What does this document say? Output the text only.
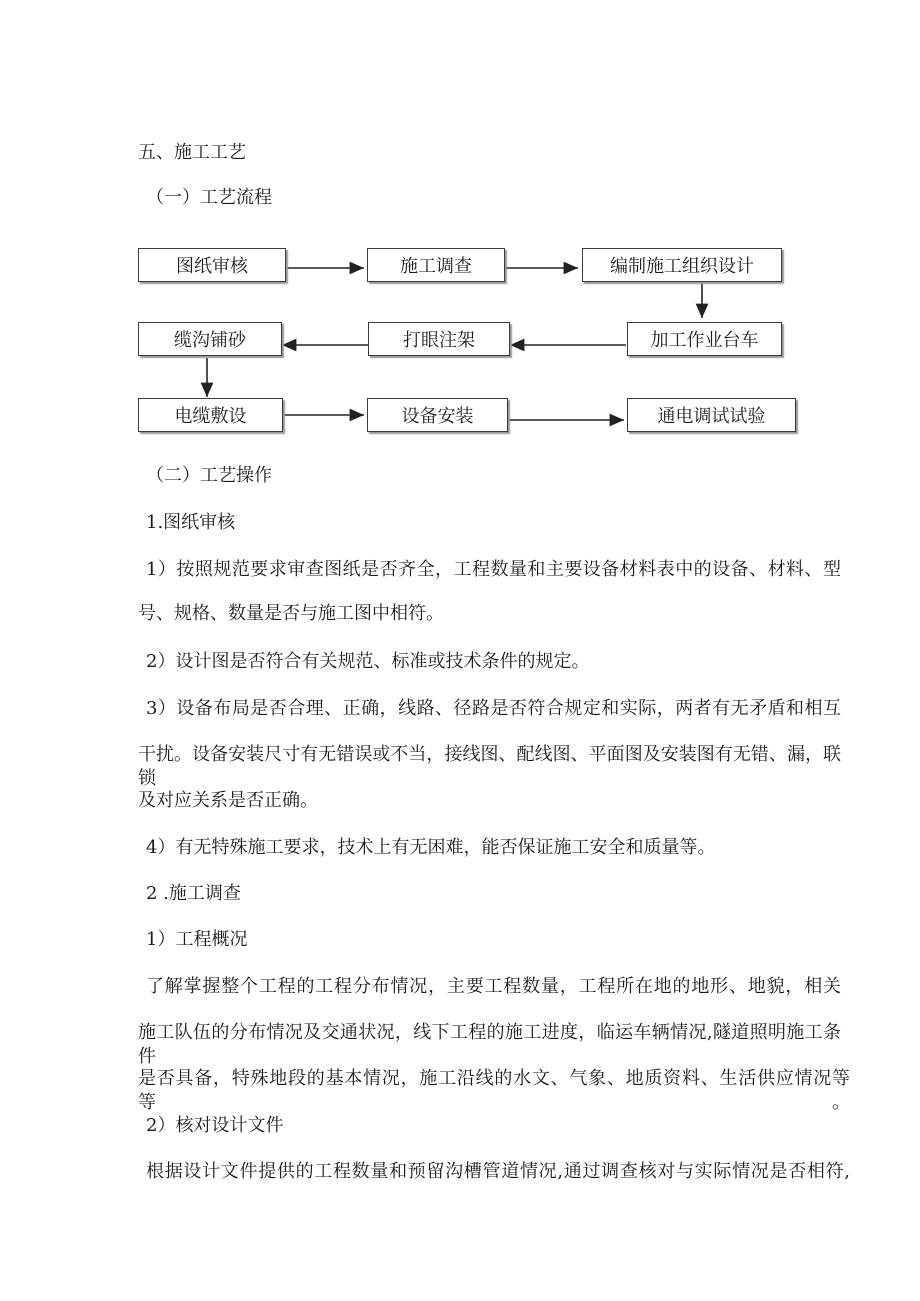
五、施工工艺
（一）工艺流程
图纸审核	施工调查	编制施工组织设计
加工作业台车
打眼注架
缆沟铺砂
电缆敷设	设备安装	通电调试试验
（二）工艺操作
1.图纸审核
1）按照规范要求审查图纸是否齐全，工程数量和主要设备材料表中的设备、材料、型
号、规格、数量是否与施工图中相符。
2）设计图是否符合有关规范、标准或技术条件的规定。
3）设备布局是否合理、正确，线路、径路是否符合规定和实际，两者有无矛盾和相互
干扰。设备安装尺寸有无错误或不当，接线图、配线图、平面图及安装图有无错、漏，联锁
及对应关系是否正确。
4）有无特殊施工要求，技术上有无困难，能否保证施工安全和质量等。
2 .施工调查
1）工程概况
了解掌握整个工程的工程分布情况，主要工程数量，工程所在地的地形、地貌，相关
施工队伍的分布情况及交通状况，线下工程的施工进度，临运车辆情况,隧道照明施工条件
是否具备，特殊地段的基本情况，施工沿线的水文、气象、地质资料、生活供应情况等等。
2）核对设计文件
根据设计文件提供的工程数量和预留沟槽管道情况,通过调查核对与实际情况是否相符,
